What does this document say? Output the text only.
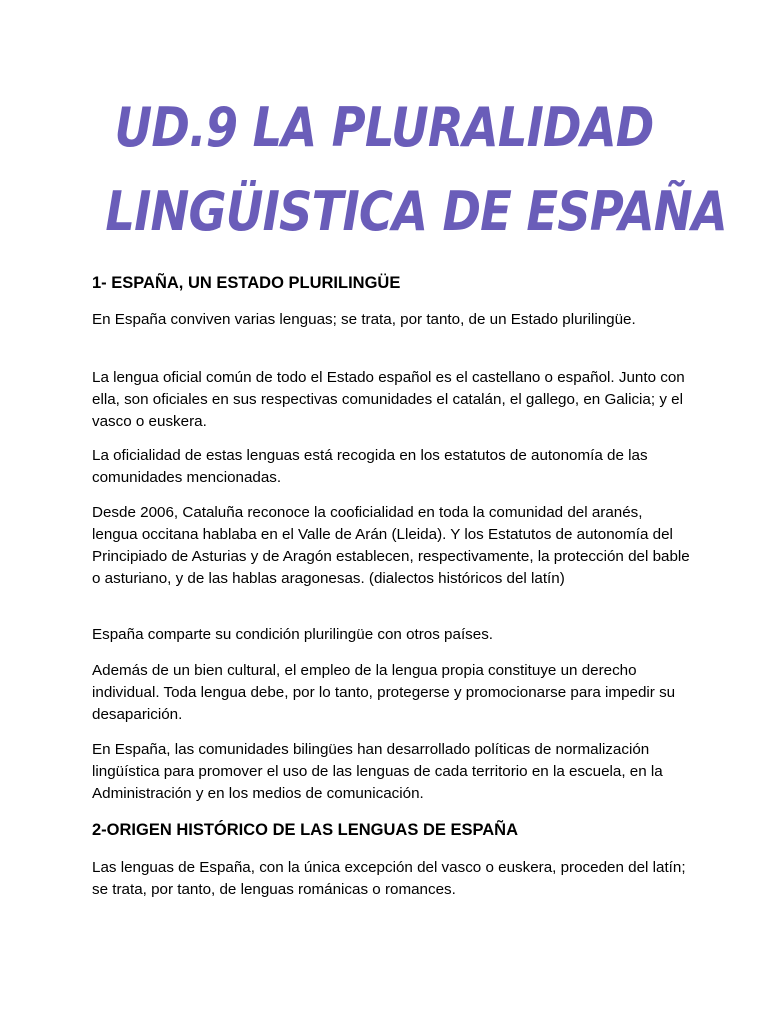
UD.9 LA PLURALIDAD
LINGÜISTICA DE ESPAÑA
1- ESPAÑA, UN ESTADO PLURILINGÜE

En España conviven varias lenguas; se trata, por tanto, de un Estado plurilingüe.

La lengua oficial común de todo el Estado español es el castellano o español. Junto con ella, son oficiales en sus respectivas comunidades el catalán, el gallego, en Galicia; y el vasco o euskera.

La oficialidad de estas lenguas está recogida en los estatutos de autonomía de las comunidades mencionadas.

Desde 2006, Cataluña reconoce la cooficialidad en toda la comunidad del aranés, lengua occitana hablaba en el Valle de Arán (Lleida). Y los Estatutos de autonomía del Principiado de Asturias y de Aragón establecen, respectivamente, la protección del bable o asturiano, y de las hablas aragonesas. (dialectos históricos del latín)

España comparte su condición plurilingüe con otros países.

Además de un bien cultural, el empleo de la lengua propia constituye un derecho individual. Toda lengua debe, por lo tanto, protegerse y promocionarse para impedir su desaparición.

En España, las comunidades bilingües han desarrollado políticas de normalización lingüística para promover el uso de las lenguas de cada territorio en la escuela, en la Administración y en los medios de comunicación.

2-ORIGEN HISTÓRICO DE LAS LENGUAS DE ESPAÑA

Las lenguas de España, con la única excepción del vasco o euskera, proceden del latín; se trata, por tanto, de lenguas románicas o romances.
